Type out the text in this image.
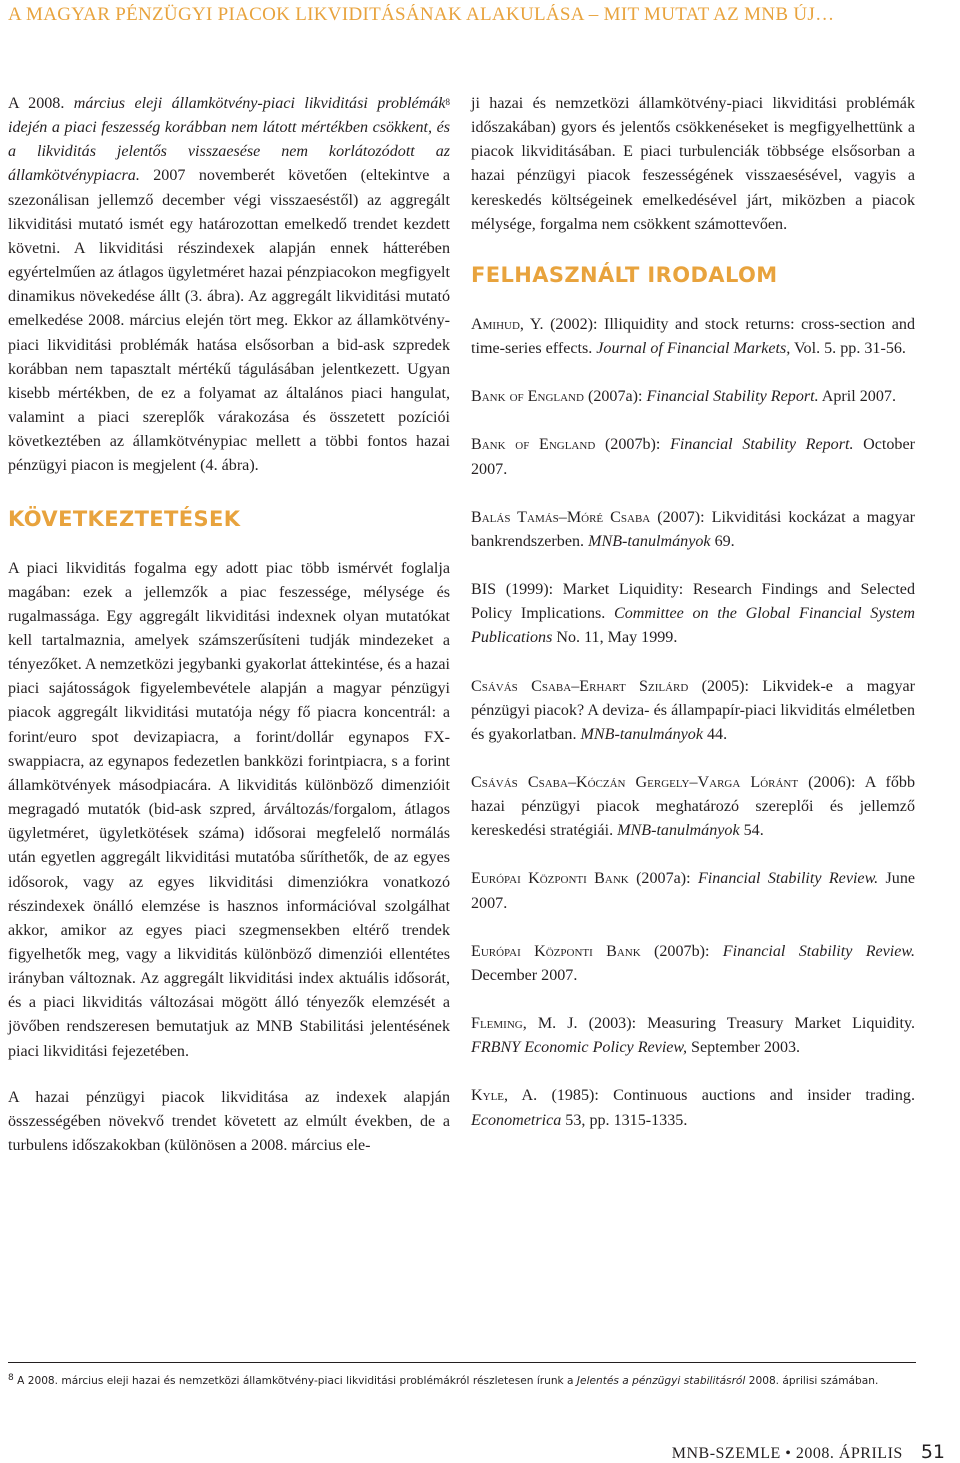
A MAGYAR PÉNZÜGYI PIACOK LIKVIDITÁSÁNAK ALAKULÁSA – MIT MUTAT AZ MNB ÚJ…

A 2008. március eleji államkötvény-piaci likviditási problémák$^8$ idején a piaci feszesség korábban nem látott mértékben csökkent, és a likviditás jelentős visszaesése nem korlátozódott az államkötvénypiacra. 2007 novemberét követően (eltekintve a szezonálisan jellemző december végi visszaeséstől) az aggregált likviditási mutató ismét egy határozottan emelkedő trendet kezdett követni. A likviditási részindexek alapján ennek hátterében egyértelműen az átlagos ügyletméret hazai pénzpiacokon megfigyelt dinamikus növekedése állt (3. ábra). Az aggregált likviditási mutató emelkedése 2008. március elején tört meg. Ekkor az államkötvény-piaci likviditási problémák hatása elsősorban a bid-ask szpredek korábban nem tapasztalt mértékű tágulásában jelentkezett. Ugyan kisebb mértékben, de ez a folyamat az általános piaci hangulat, valamint a piaci szereplők várakozása és összetett pozíciói következtében az államkötvénypiac mellett a többi fontos hazai pénzügyi piacon is megjelent (4. ábra).

KÖVETKEZTETÉSEK

A piaci likviditás fogalma egy adott piac több ismérvét foglalja magában: ezek a jellemzők a piac feszessége, mélysége és rugalmassága. Egy aggregált likviditási indexnek olyan mutatókat kell tartalmaznia, amelyek számszerűsíteni tudják mindezeket a tényezőket. A nemzetközi jegybanki gyakorlat áttekintése, és a hazai piaci sajátosságok figyelembevétele alapján a magyar pénzügyi piacok aggregált likviditási mutatója négy fő piacra koncentrál: a forint/euro spot devizapiacra, a forint/dollár egynapos FX-swappiacra, az egynapos fedezetlen bankközi forintpiacra, s a forint államkötvények másodpiacára. A likviditás különböző dimenzióit megragadó mutatók (bid-ask szpred, árváltozás/forgalom, átlagos ügyletméret, ügyletkötések száma) idősorai megfelelő normálás után egyetlen aggregált likviditási mutatóba sűríthetők, de az egyes idősorok, vagy az egyes likviditási dimenziókra vonatkozó részindexek önálló elemzése is hasznos információval szolgálhat akkor, amikor az egyes piaci szegmensekben eltérő trendek figyelhetők meg, vagy a likviditás különböző dimenziói ellentétes irányban változnak. Az aggregált likviditási index aktuális idősorát, és a piaci likviditás változásai mögött álló tényezők elemzését a jövőben rendszeresen bemutatjuk az MNB Stabilitási jelentésének piaci likviditási fejezetében.

A hazai pénzügyi piacok likviditása az indexek alapján összességében növekvő trendet követett az elmúlt években, de a turbulens időszakokban (különösen a 2008. március ele-

ji hazai és nemzetközi államkötvény-piaci likviditási problémák időszakában) gyors és jelentős csökkenéseket is megfigyelhettünk a piacok likviditásában. E piaci turbulenciák többsége elsősorban a hazai pénzügyi piacok feszességének visszaesésével, vagyis a kereskedés költségeinek emelkedésével járt, miközben a piacok mélysége, forgalma nem csökkent számottevően.

FELHASZNÁLT IRODALOM

Amihud, Y. (2002): Illiquidity and stock returns: cross-section and time-series effects. Journal of Financial Markets, Vol. 5. pp. 31-56.

Bank of England (2007a): Financial Stability Report. April 2007.

Bank of England (2007b): Financial Stability Report. October 2007.

Balás Tamás–Móré Csaba (2007): Likviditási kockázat a magyar bankrendszerben. MNB-tanulmányok 69.

BIS (1999): Market Liquidity: Research Findings and Selected Policy Implications. Committee on the Global Financial System Publications No. 11, May 1999.

Csávás Csaba–Erhart Szilárd (2005): Likvidek-e a magyar pénzügyi piacok? A deviza- és állampapír-piaci likviditás elméletben és gyakorlatban. MNB-tanulmányok 44.

Csávás Csaba–Kóczán Gergely–Varga Lóránt (2006): A főbb hazai pénzügyi piacok meghatározó szereplői és jellemző kereskedési stratégiái. MNB-tanulmányok 54.

Európai Központi Bank (2007a): Financial Stability Review. June 2007.

Európai Központi Bank (2007b): Financial Stability Review. December 2007.

Fleming, M. J. (2003): Measuring Treasury Market Liquidity. FRBNY Economic Policy Review, September 2003.

Kyle, A. (1985): Continuous auctions and insider trading. Econometrica 53, pp. 1315-1335.

$^8$ A 2008. március eleji hazai és nemzetközi államkötvény-piaci likviditási problémákról részletesen írunk a Jelentés a pénzügyi stabilitásról 2008. áprilisi számában.
MNB-SZEMLE • 2008. ÁPRILIS 51
